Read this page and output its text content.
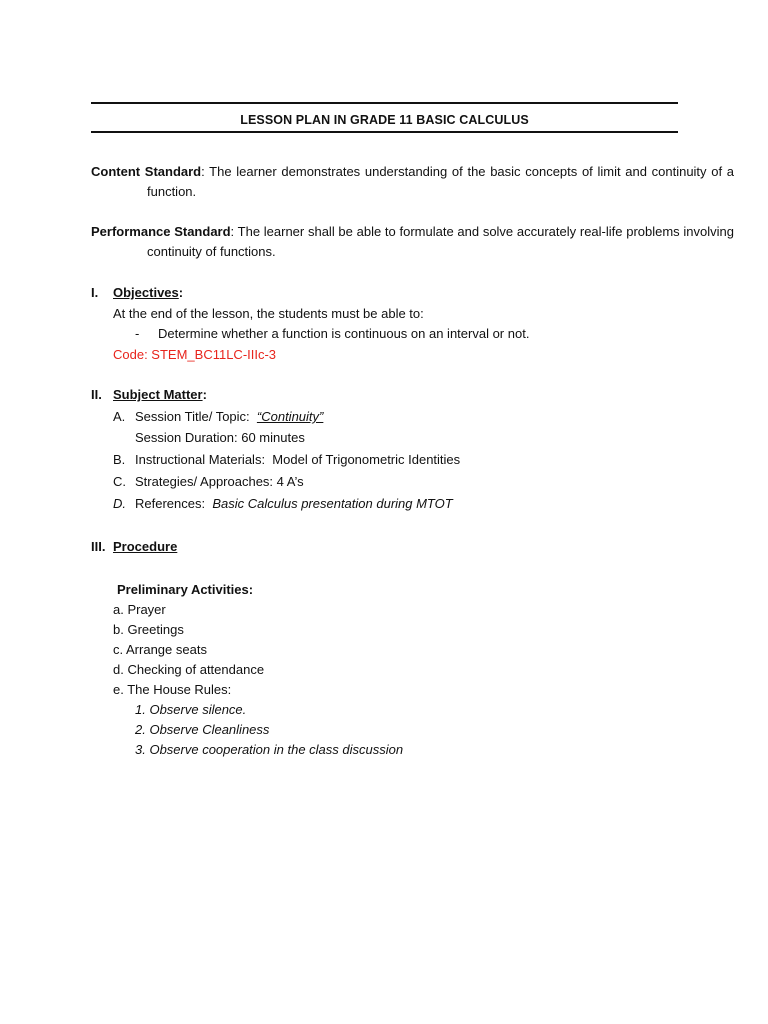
LESSON PLAN IN GRADE 11 BASIC CALCULUS
Content Standard: The learner demonstrates understanding of the basic concepts of limit and continuity of a function.
Performance Standard: The learner shall be able to formulate and solve accurately real-life problems involving continuity of functions.
I. Objectives:
At the end of the lesson, the students must be able to:
- Determine whether a function is continuous on an interval or not.
Code: STEM_BC11LC-IIIc-3
II. Subject Matter:
A. Session Title/ Topic: “Continuity”
Session Duration: 60 minutes
B. Instructional Materials: Model of Trigonometric Identities
C. Strategies/ Approaches: 4 A’s
D. References: Basic Calculus presentation during MTOT
III. Procedure
Preliminary Activities:
a. Prayer
b. Greetings
c. Arrange seats
d. Checking of attendance
e. The House Rules:
1. Observe silence.
2. Observe Cleanliness
3. Observe cooperation in the class discussion
